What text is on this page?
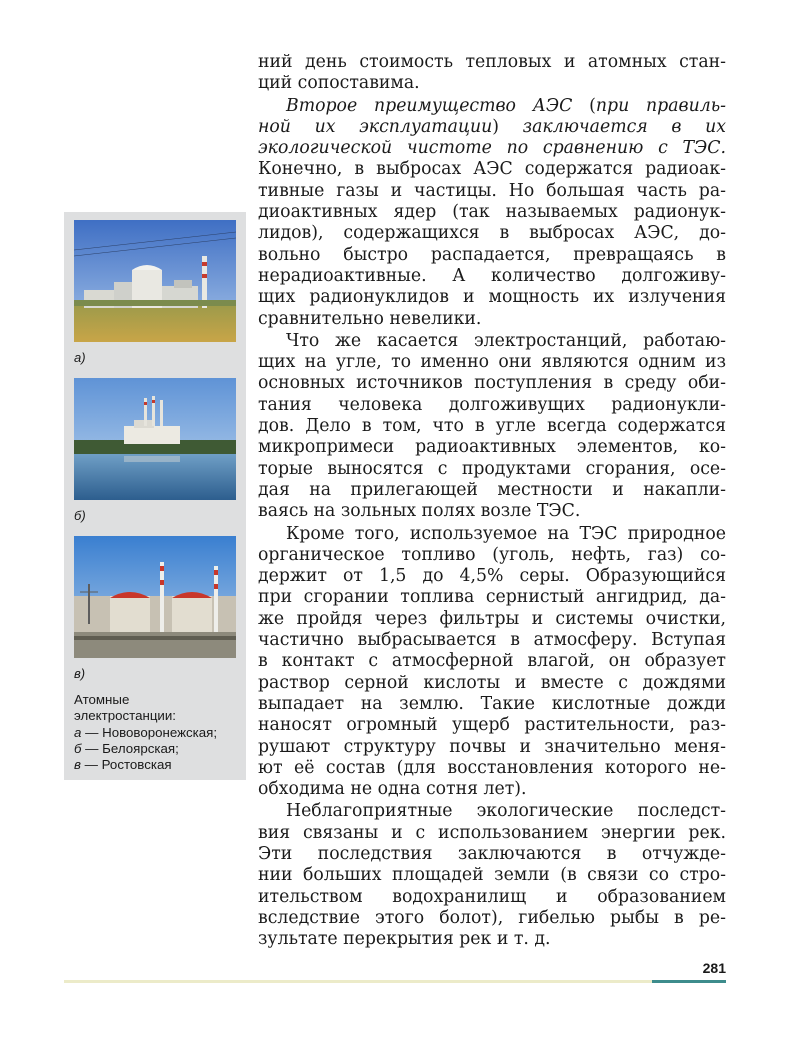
ний день стоимость тепловых и атомных стан-
ций сопоставима.
Второе преимущество АЭС (при правиль-
ной их эксплуатации) заключается в их
экологической чистоте по сравнению с ТЭС.
Конечно, в выбросах АЭС содержатся радиоак-
тивные газы и частицы. Но большая часть ра-
диоактивных ядер (так называемых радионук-
лидов), содержащихся в выбросах АЭС, до-
вольно быстро распадается, превращаясь в
нерадиоактивные. А количество долгоживу-
щих радионуклидов и мощность их излучения
сравнительно невелики.
Что же касается электростанций, работаю-
щих на угле, то именно они являются одним из
основных источников поступления в среду оби-
тания человека долгоживущих радионукли-
дов. Дело в том, что в угле всегда содержатся
микропримеси радиоактивных элементов, ко-
торые выносятся с продуктами сгорания, осе-
дая на прилегающей местности и накапли-
ваясь на зольных полях возле ТЭС.
Кроме того, используемое на ТЭС природное
органическое топливо (уголь, нефть, газ) со-
держит от 1,5 до 4,5% серы. Образующийся
при сгорании топлива сернистый ангидрид, да-
же пройдя через фильтры и системы очистки,
частично выбрасывается в атмосферу. Вступая
в контакт с атмосферной влагой, он образует
раствор серной кислоты и вместе с дождями
выпадает на землю. Такие кислотные дожди
наносят огромный ущерб растительности, раз-
рушают структуру почвы и значительно меня-
ют её состав (для восстановления которого не-
обходима не одна сотня лет).
Неблагоприятные экологические последст-
вия связаны и с использованием энергии рек.
Эти последствия заключаются в отчужде-
нии больших площадей земли (в связи со стро-
ительством водохранилищ и образованием
вследствие этого болот), гибелью рыбы в ре-
зультате перекрытия рек и т. д.
а)
б)
в)
Атомные
электростанции:
а — Нововоронежская;
б — Белоярская;
в — Ростовская
281
